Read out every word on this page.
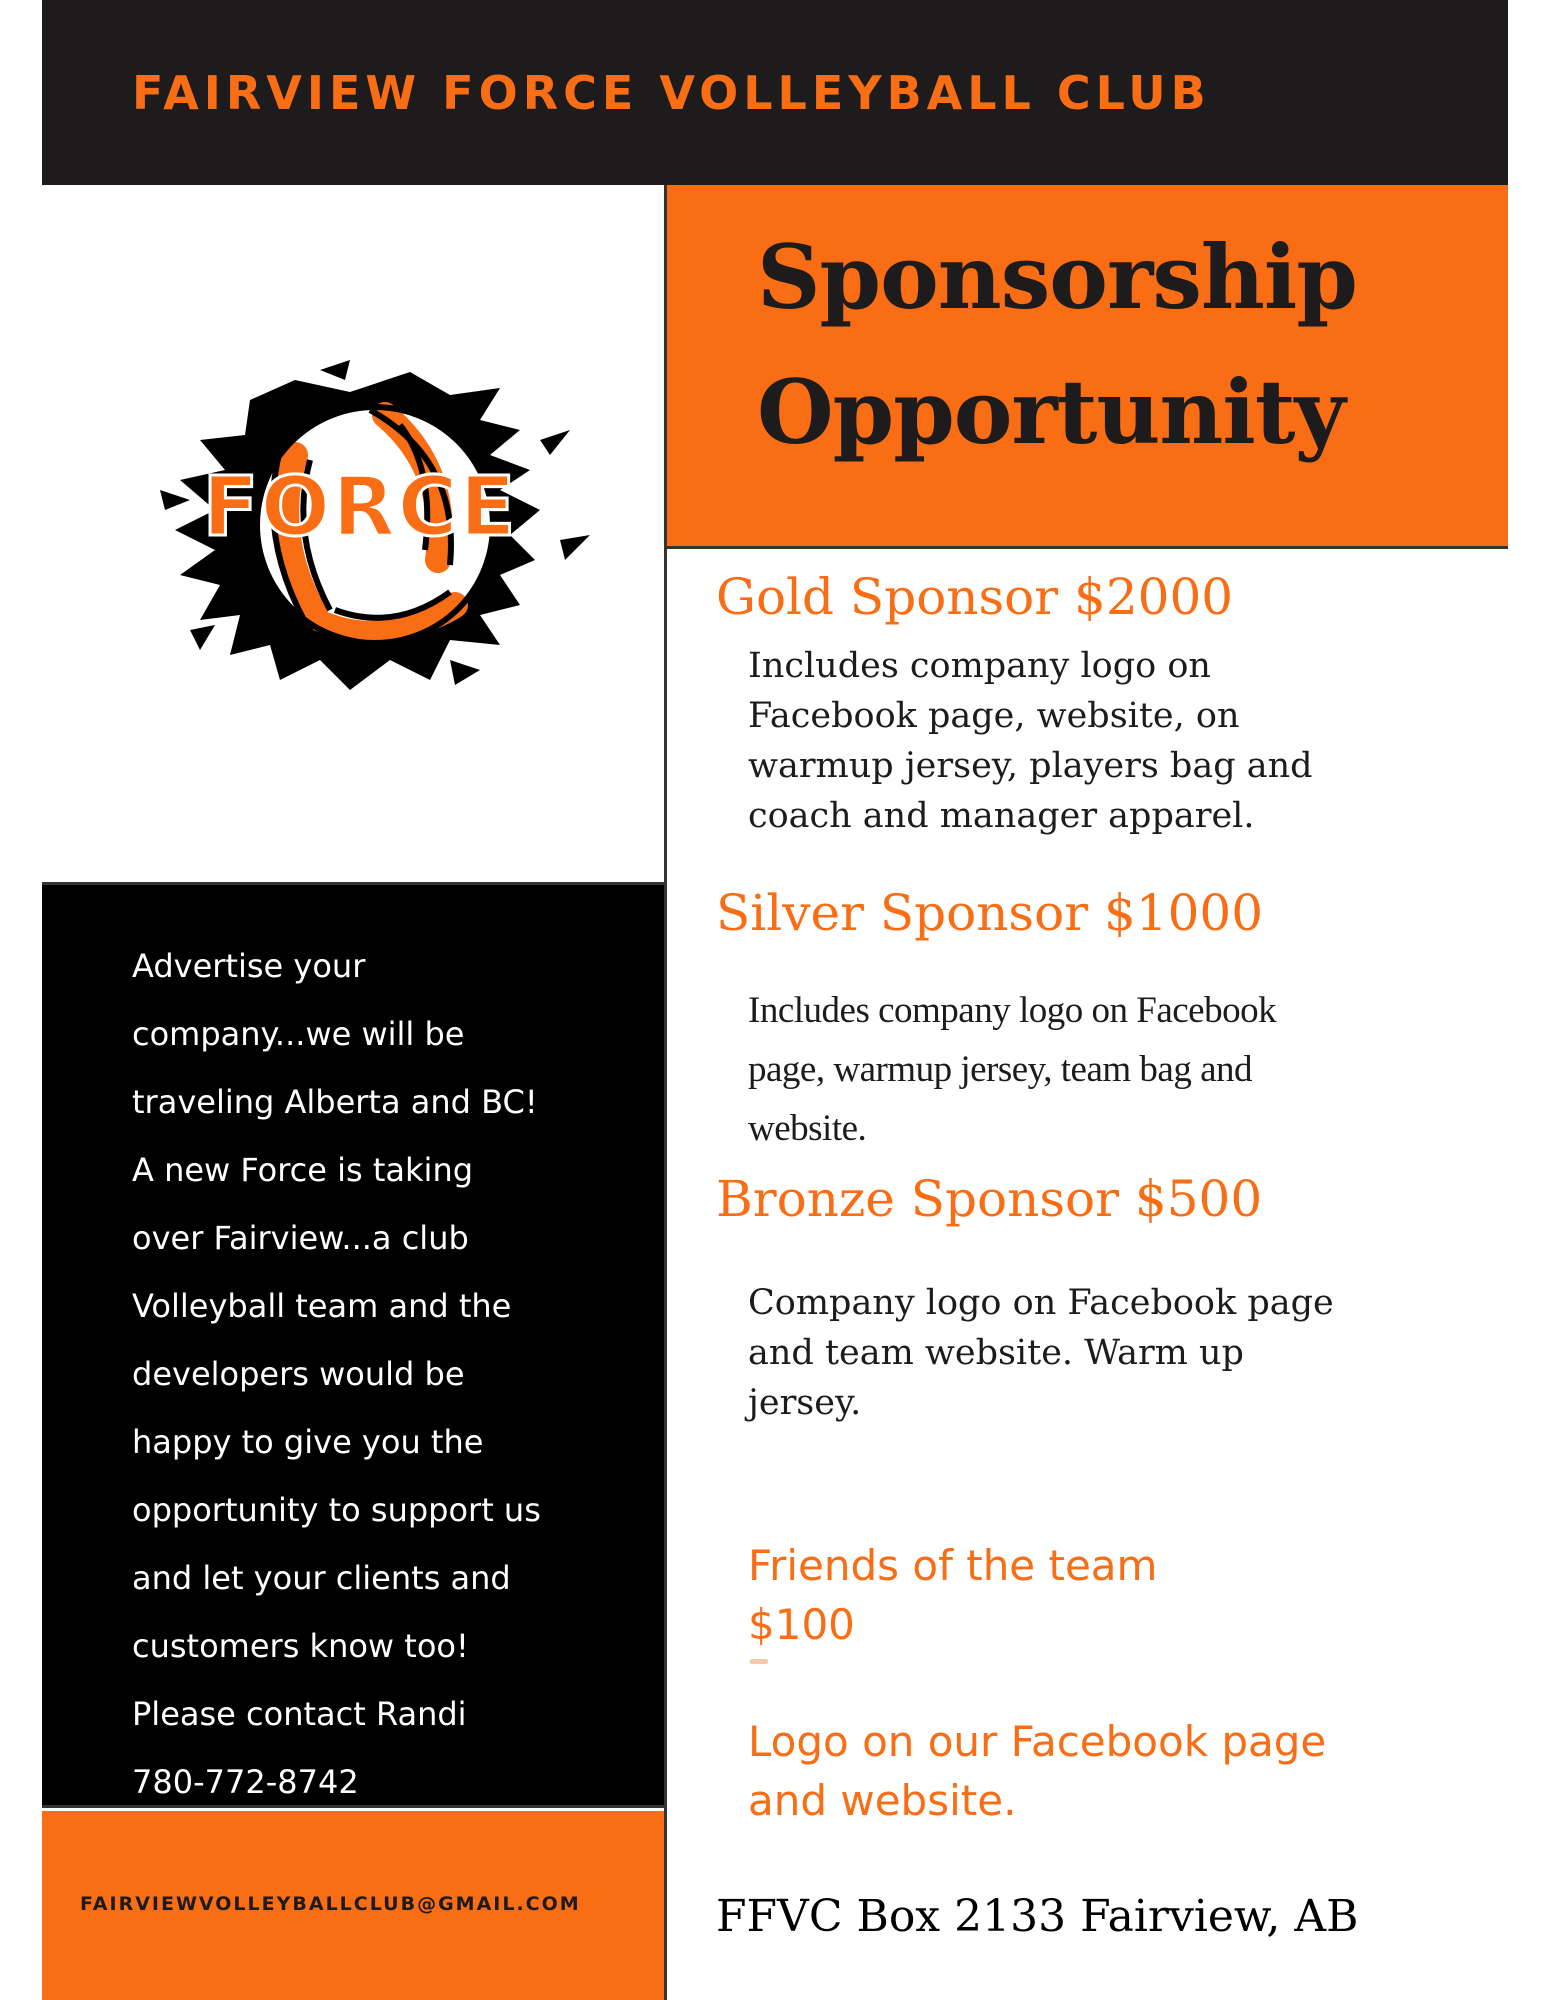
FAIRVIEW FORCE VOLLEYBALL CLUB
Sponsorship
Opportunity
FORCE
Advertise your
company...we will be
traveling Alberta and BC!
A new Force is taking
over Fairview...a club
Volleyball team and the
developers would be
happy to give you the
opportunity to support us
and let your clients and
customers know too!
Please contact Randi
780-772-8742
FAIRVIEWVOLLEYBALLCLUB@GMAIL.COM
Gold Sponsor $2000
Includes company logo on
Facebook page, website, on
warmup jersey, players bag and
coach and manager apparel.
Silver Sponsor $1000
Includes company logo on Facebook
page, warmup jersey, team bag and
website.
Bronze Sponsor $500
Company logo on Facebook page
and team website. Warm up
jersey.
Friends of the team
$100
Logo on our Facebook page
and website.
FFVC Box 2133 Fairview, AB
